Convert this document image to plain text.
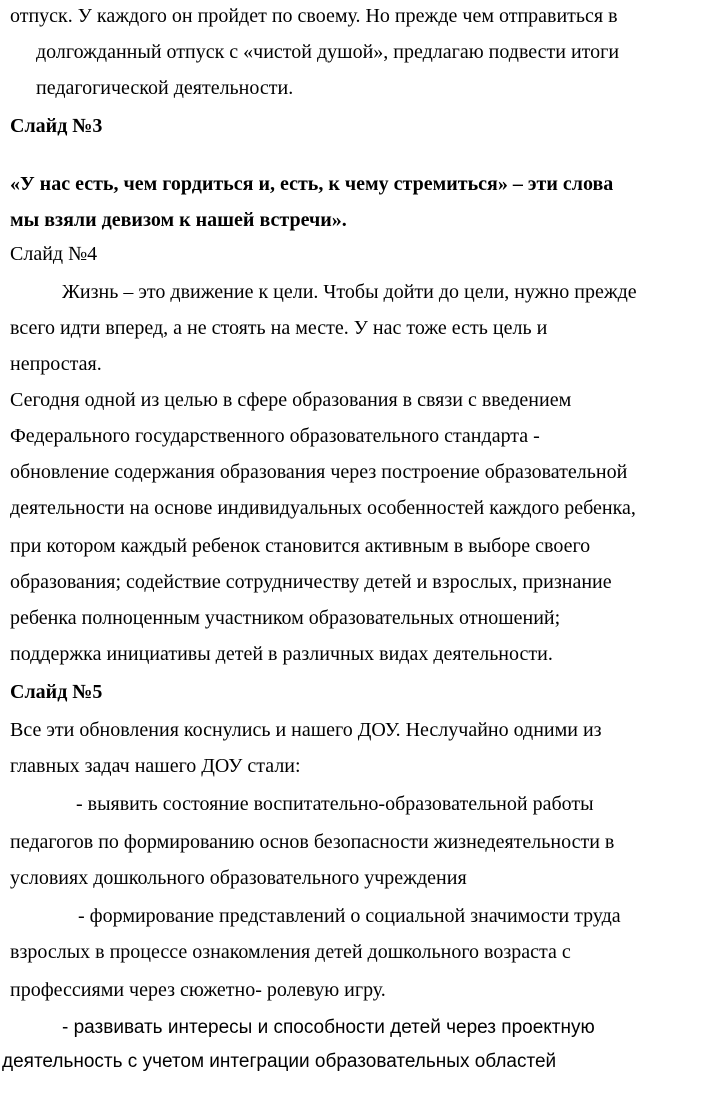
отпуск. У каждого он пройдет по своему. Но прежде чем отправиться в
долгожданный отпуск с «чистой душой», предлагаю подвести итоги
педагогической деятельности.
Слайд №3
«У нас есть, чем гордиться и, есть, к чему стремиться» – эти слова
мы взяли девизом к нашей встречи».
Слайд №4
Жизнь – это движение к цели. Чтобы дойти до цели, нужно прежде
всего идти вперед, а не стоять на месте. У нас тоже есть цель и
непростая.
Сегодня одной из целью в сфере образования в связи с введением
Федерального государственного образовательного стандарта -
обновление содержания образования через построение образовательной
деятельности на основе индивидуальных особенностей каждого ребенка,
при котором каждый ребенок становится активным в выборе своего
образования; содействие сотрудничеству детей и взрослых, признание
ребенка полноценным участником образовательных отношений;
поддержка инициативы детей в различных видах деятельности.
Слайд №5
Все эти обновления коснулись и нашего ДОУ. Неслучайно одними из
главных задач нашего ДОУ стали:
- выявить состояние воспитательно-образовательной работы
педагогов по формированию основ безопасности жизнедеятельности в
условиях дошкольного образовательного учреждения
- формирование представлений о социальной значимости труда
взрослых в процессе ознакомления детей дошкольного возраста с
профессиями через сюжетно- ролевую игру.
- развивать интересы и способности детей через проектную
деятельность с учетом интеграции образовательных областей
